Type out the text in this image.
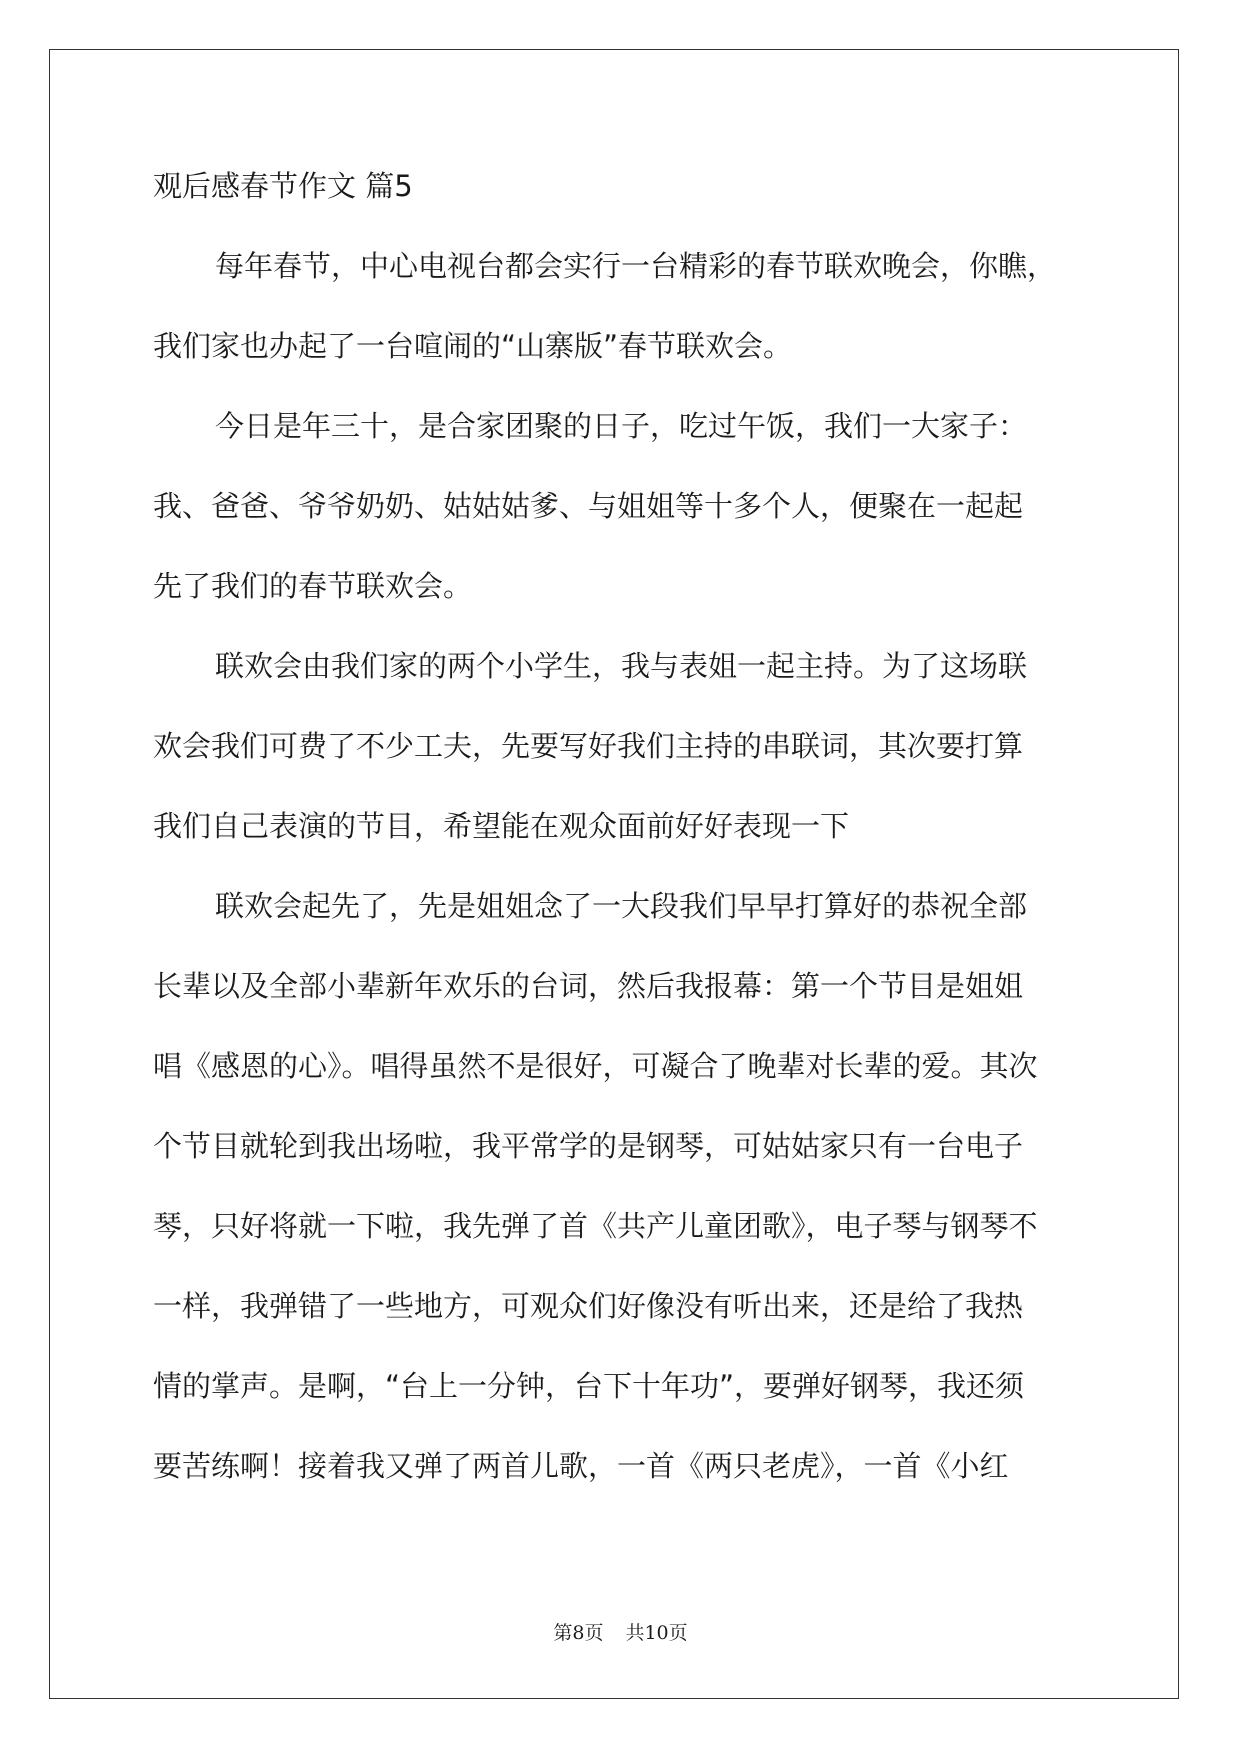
观后感春节作文 篇5
每年春节，中心电视台都会实行一台精彩的春节联欢晚会，你瞧，
我们家也办起了一台喧闹的“山寨版”春节联欢会。
今日是年三十，是合家团聚的日子，吃过午饭，我们一大家子：
我、爸爸、爷爷奶奶、姑姑姑爹、与姐姐等十多个人，便聚在一起起
先了我们的春节联欢会。
联欢会由我们家的两个小学生，我与表姐一起主持。为了这场联
欢会我们可费了不少工夫，先要写好我们主持的串联词，其次要打算
我们自己表演的节目，希望能在观众面前好好表现一下
联欢会起先了，先是姐姐念了一大段我们早早打算好的恭祝全部
长辈以及全部小辈新年欢乐的台词，然后我报幕：第一个节目是姐姐
唱《感恩的心》。唱得虽然不是很好，可凝合了晚辈对长辈的爱。其次
个节目就轮到我出场啦，我平常学的是钢琴，可姑姑家只有一台电子
琴，只好将就一下啦，我先弹了首《共产儿童团歌》，电子琴与钢琴不
一样，我弹错了一些地方，可观众们好像没有听出来，还是给了我热
情的掌声。是啊，“台上一分钟，台下十年功”，要弹好钢琴，我还须
要苦练啊！接着我又弹了两首儿歌，一首《两只老虎》，一首《小红
第8页 共10页
